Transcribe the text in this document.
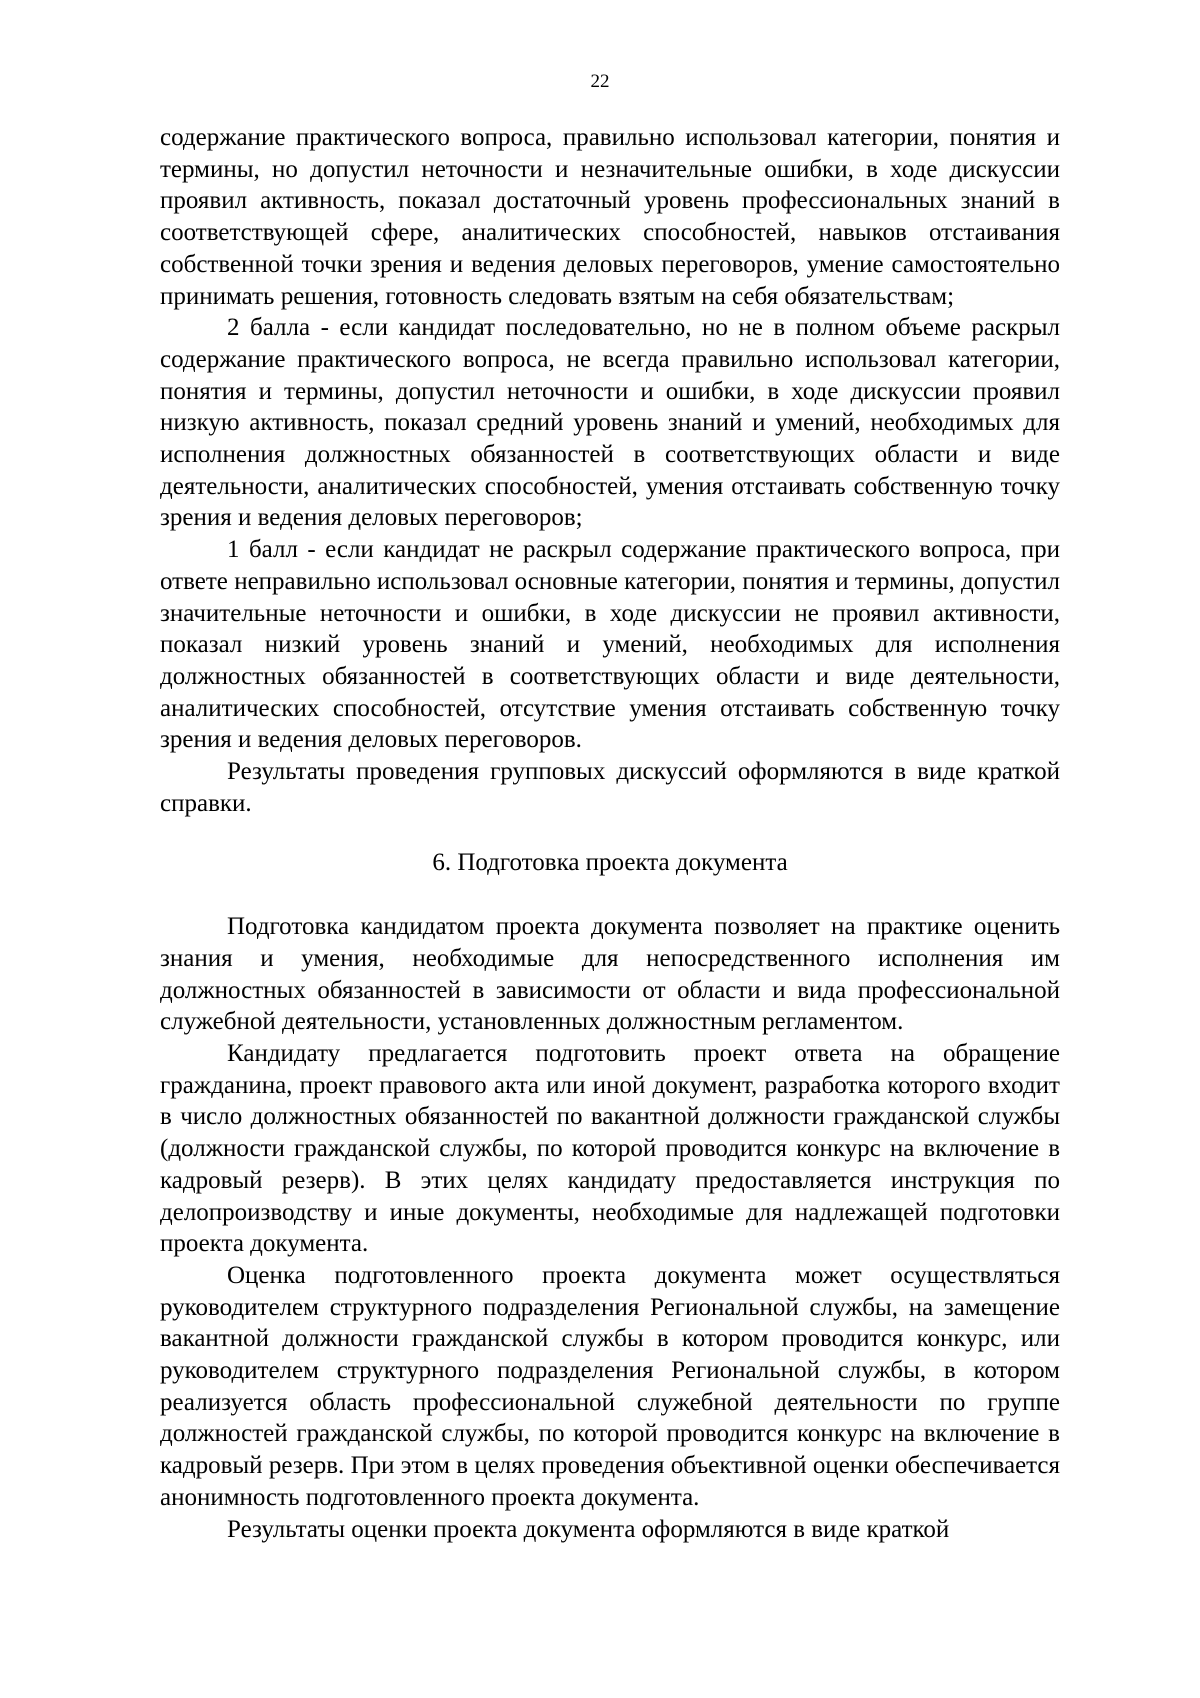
22

содержание практического вопроса, правильно использовал категории, понятия и термины, но допустил неточности и незначительные ошибки, в ходе дискуссии проявил активность, показал достаточный уровень профессиональных знаний в соответствующей сфере, аналитических способностей, навыков отстаивания собственной точки зрения и ведения деловых переговоров, умение самостоятельно принимать решения, готовность следовать взятым на себя обязательствам;

2 балла - если кандидат последовательно, но не в полном объеме раскрыл содержание практического вопроса, не всегда правильно использовал категории, понятия и термины, допустил неточности и ошибки, в ходе дискуссии проявил низкую активность, показал средний уровень знаний и умений, необходимых для исполнения должностных обязанностей в соответствующих области и виде деятельности, аналитических способностей, умения отстаивать собственную точку зрения и ведения деловых переговоров;

1 балл - если кандидат не раскрыл содержание практического вопроса, при ответе неправильно использовал основные категории, понятия и термины, допустил значительные неточности и ошибки, в ходе дискуссии не проявил активности, показал низкий уровень знаний и умений, необходимых для исполнения должностных обязанностей в соответствующих области и виде деятельности, аналитических способностей, отсутствие умения отстаивать собственную точку зрения и ведения деловых переговоров.

Результаты проведения групповых дискуссий оформляются в виде краткой справки.

6. Подготовка проекта документа

Подготовка кандидатом проекта документа позволяет на практике оценить знания и умения, необходимые для непосредственного исполнения им должностных обязанностей в зависимости от области и вида профессиональной служебной деятельности, установленных должностным регламентом.

Кандидату предлагается подготовить проект ответа на обращение гражданина, проект правового акта или иной документ, разработка которого входит в число должностных обязанностей по вакантной должности гражданской службы (должности гражданской службы, по которой проводится конкурс на включение в кадровый резерв). В этих целях кандидату предоставляется инструкция по делопроизводству и иные документы, необходимые для надлежащей подготовки проекта документа.

Оценка подготовленного проекта документа может осуществляться руководителем структурного подразделения Региональной службы, на замещение вакантной должности гражданской службы в котором проводится конкурс, или руководителем структурного подразделения Региональной службы, в котором реализуется область профессиональной служебной деятельности по группе должностей гражданской службы, по которой проводится конкурс на включение в кадровый резерв. При этом в целях проведения объективной оценки обеспечивается анонимность подготовленного проекта документа.

Результаты оценки проекта документа оформляются в виде краткой
